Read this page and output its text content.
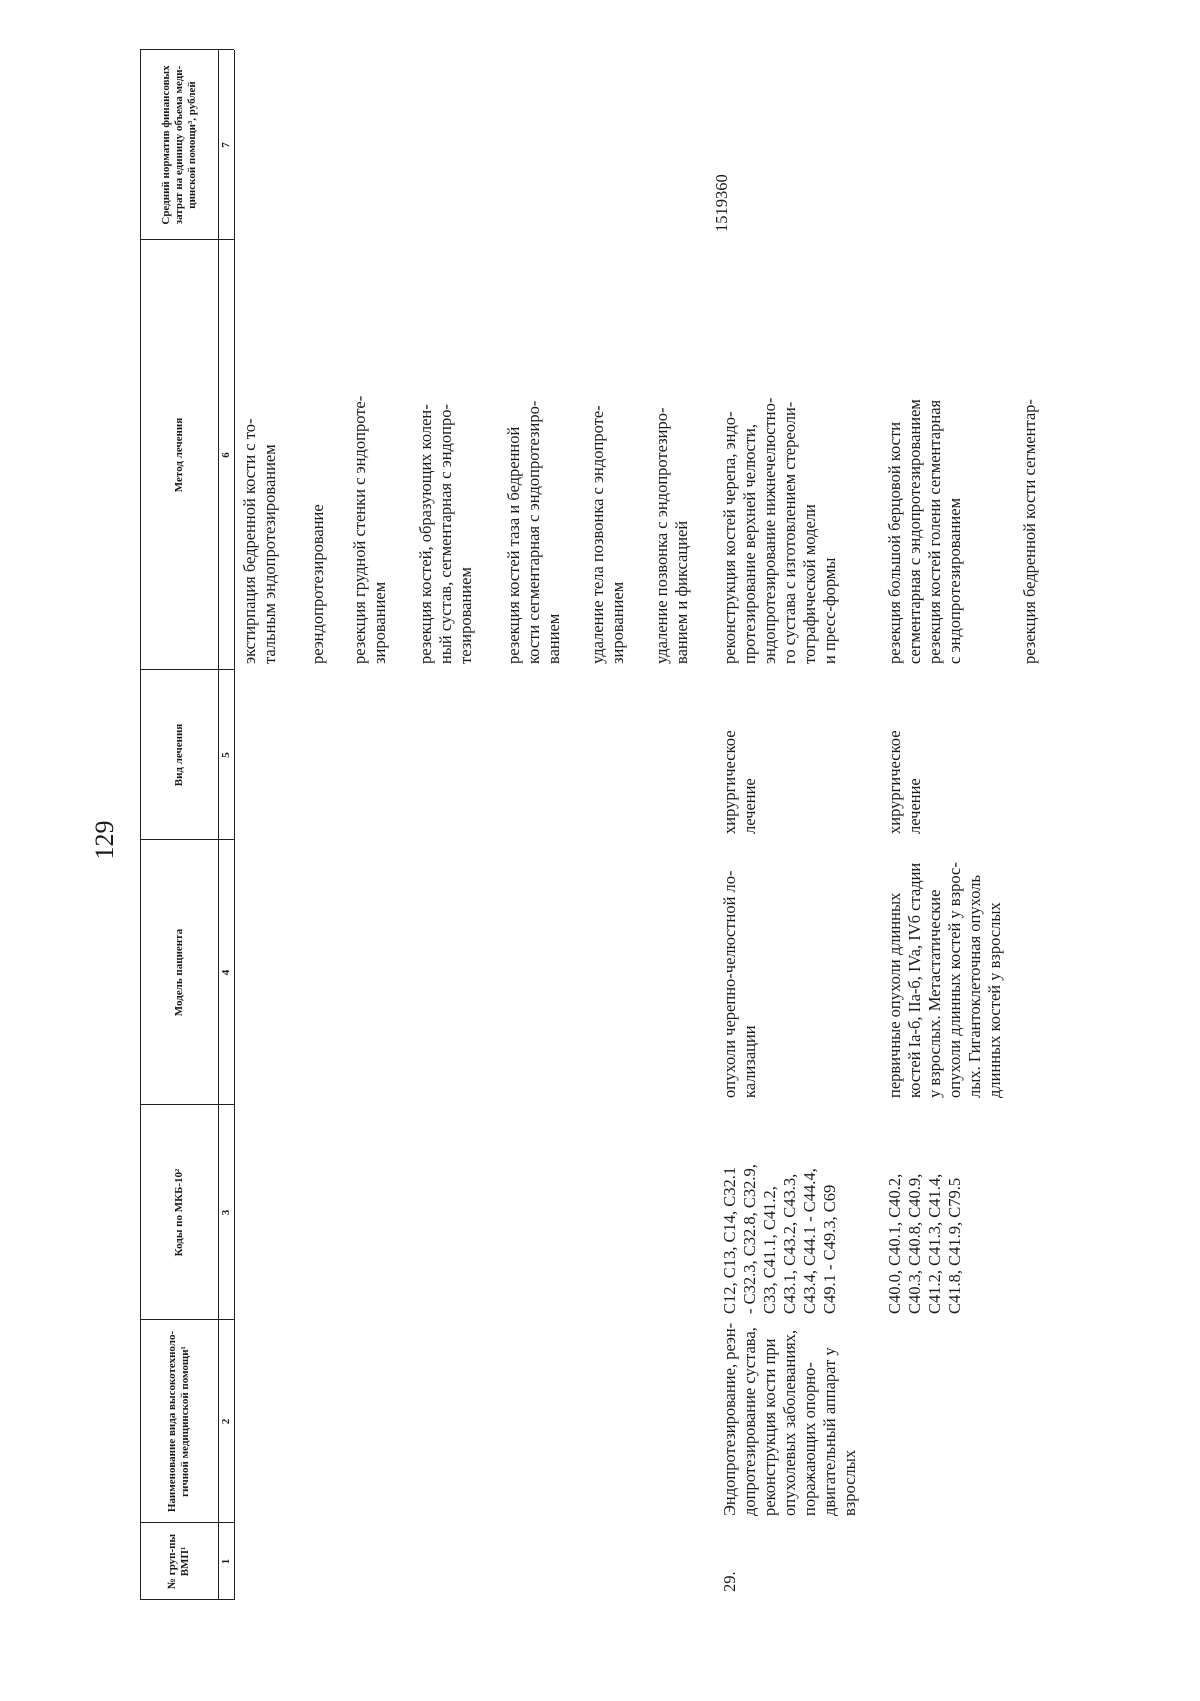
129
№ груп-пы ВМП¹
Наименование вида высокотехноло-гичной медицинской помощи¹
Коды по МКБ-10²
Модель пациента
Вид лечения
Метод лечения
Средний норматив финансовых затрат на единицу объема меди-цинской помощи³, рублей
1
2
3
4
5
6
7
экстирпация бедренной кости с то-
тальным эндопротезированием реэндопротезирование резекция грудной стенки с эндопроте-
зированием резекция костей, образующих колен-
ный сустав, сегментарная с эндопро-
тезированием резекция костей таза и бедренной
кости сегментарная с эндопротезиро-
ванием удаление тела позвонка с эндопроте-
зированием удаление позвонка с эндопротезиро-
ванием и фиксацией
29.
Эндопротезирование, реэн-
допротезирование сустава,
реконструкция кости при
опухолевых заболеваниях,
поражающих опорно-
двигательный аппарат у
взрослых
1519360
C12, C13, C14, C32.1
- C32.3, C32.8, C32.9,
C33, C41.1, C41.2,
C43.1, C43.2, C43.3,
C43.4, C44.1 - C44.4,
C49.1 - C49.3, C69
опухоли черепно-челюстной ло-
кализации
хирургическое
лечение
реконструкция костей черепа, эндо-
протезирование верхней челюсти,
эндопротезирование нижнечелюстно-
го сустава с изготовлением стереоли-
тографической модели
и пресс-формы
C40.0, C40.1, C40.2,
C40.3, C40.8, C40.9,
C41.2, C41.3, C41.4,
C41.8, C41.9, C79.5
первичные опухоли длинных
костей Ia-б, IIa-б, IVa, IVб стадии
у взрослых. Метастатические
опухоли длинных костей у взрос-
лых. Гигантоклеточная опухоль
длинных костей у взрослых
хирургическое
лечение
резекция большой берцовой кости
сегментарная с эндопротезированием
резекция костей голени сегментарная
с эндопротезированием	резекция бедренной кости сегментар-
